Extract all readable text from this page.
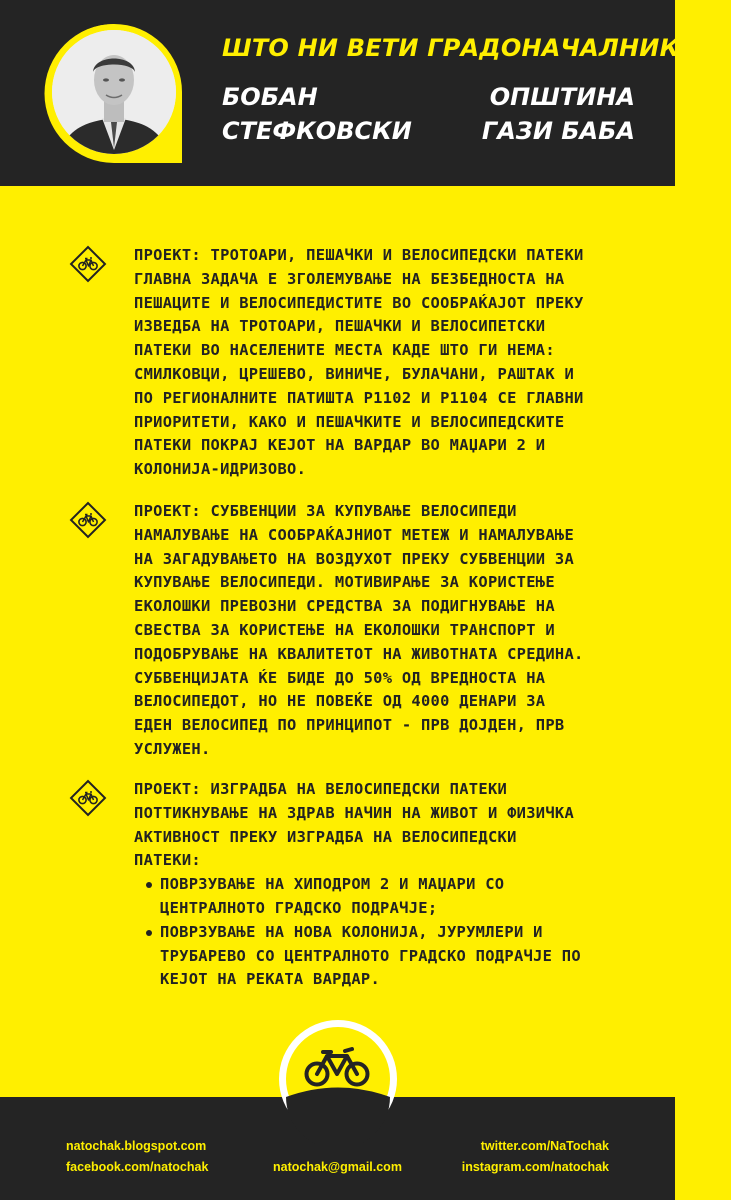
ШТО НИ ВЕТИ ГРАДОНАЧАЛНИКОТ?
БОБАН
СТЕФКОВСКИ
ОПШТИНА
ГАЗИ БАБА
ПРОЕКТ: ТРОТОАРИ, ПЕШАЧКИ И ВЕЛОСИПЕДСКИ ПАТЕКИ
ГЛАВНА ЗАДАЧА Е ЗГОЛЕМУВАЊЕ НА БЕЗБЕДНОСТА НА
ПЕШАЦИТЕ И ВЕЛОСИПЕДИСТИТЕ ВО СООБРАЌАЈОТ ПРЕКУ
ИЗВЕДБА НА ТРОТОАРИ, ПЕШАЧКИ И ВЕЛОСИПЕТСКИ
ПАТЕКИ ВО НАСЕЛЕНИТЕ МЕСТА КАДЕ ШТО ГИ НЕМА:
СМИЛКОВЦИ, ЦРЕШЕВО, ВИНИЧЕ, БУЛАЧАНИ, РАШТАК И
ПО РЕГИОНАЛНИТЕ ПАТИШТА Р1102 И Р1104 СЕ ГЛАВНИ
ПРИОРИТЕТИ, КАКО И ПЕШАЧКИТЕ И ВЕЛОСИПЕДСКИТЕ
ПАТЕКИ ПОКРАЈ КЕЈОТ НА ВАРДАР ВО МАЏАРИ 2 И
КОЛОНИЈА-ИДРИЗОВО.
ПРОЕКТ: СУБВЕНЦИИ ЗА КУПУВАЊЕ ВЕЛОСИПЕДИ
НАМАЛУВАЊЕ НА СООБРАЌАЈНИОТ МЕТЕЖ И НАМАЛУВАЊЕ
НА ЗАГАДУВАЊЕТО НА ВОЗДУХОТ ПРЕКУ СУБВЕНЦИИ ЗА
КУПУВАЊЕ ВЕЛОСИПЕДИ. МОТИВИРАЊЕ ЗА КОРИСТЕЊЕ
ЕКОЛОШКИ ПРЕВОЗНИ СРЕДСТВА ЗА ПОДИГНУВАЊЕ НА
СВЕСТВА ЗА КОРИСТЕЊЕ НА ЕКОЛОШКИ ТРАНСПОРТ И
ПОДОБРУВАЊЕ НА КВАЛИТЕТОТ НА ЖИВОТНАТА СРЕДИНА.
СУБВЕНЦИЈАТА ЌЕ БИДЕ ДО 50% ОД ВРЕДНОСТА НА
ВЕЛОСИПЕДОТ, НО НЕ ПОВЕЌЕ ОД 4000 ДЕНАРИ ЗА
ЕДЕН ВЕЛОСИПЕД ПО ПРИНЦИПОТ - ПРВ ДОЈДЕН, ПРВ
УСЛУЖЕН.
ПРОЕКТ: ИЗГРАДБА НА ВЕЛОСИПЕДСКИ ПАТЕКИ
ПОТТИКНУВАЊЕ НА ЗДРАВ НАЧИН НА ЖИВОТ И ФИЗИЧКА
АКТИВНОСТ ПРЕКУ ИЗГРАДБА НА ВЕЛОСИПЕДСКИ
ПАТЕКИ:
ПОВРЗУВАЊЕ НА ХИПОДРОМ 2 И МАЏАРИ СО
ЦЕНТРАЛНОТО ГРАДСКО ПОДРАЧЈЕ;
ПОВРЗУВАЊЕ НА НОВА КОЛОНИЈА, ЈУРУМЛЕРИ И
ТРУБАРЕВО СО ЦЕНТРАЛНОТО ГРАДСКО ПОДРАЧЈЕ ПО
КЕЈОТ НА РЕКАТА ВАРДАР.
natochak.blogspot.com
facebook.com/natochak	natochak@gmail.com
twitter.com/NaTochak
instagram.com/natochak
